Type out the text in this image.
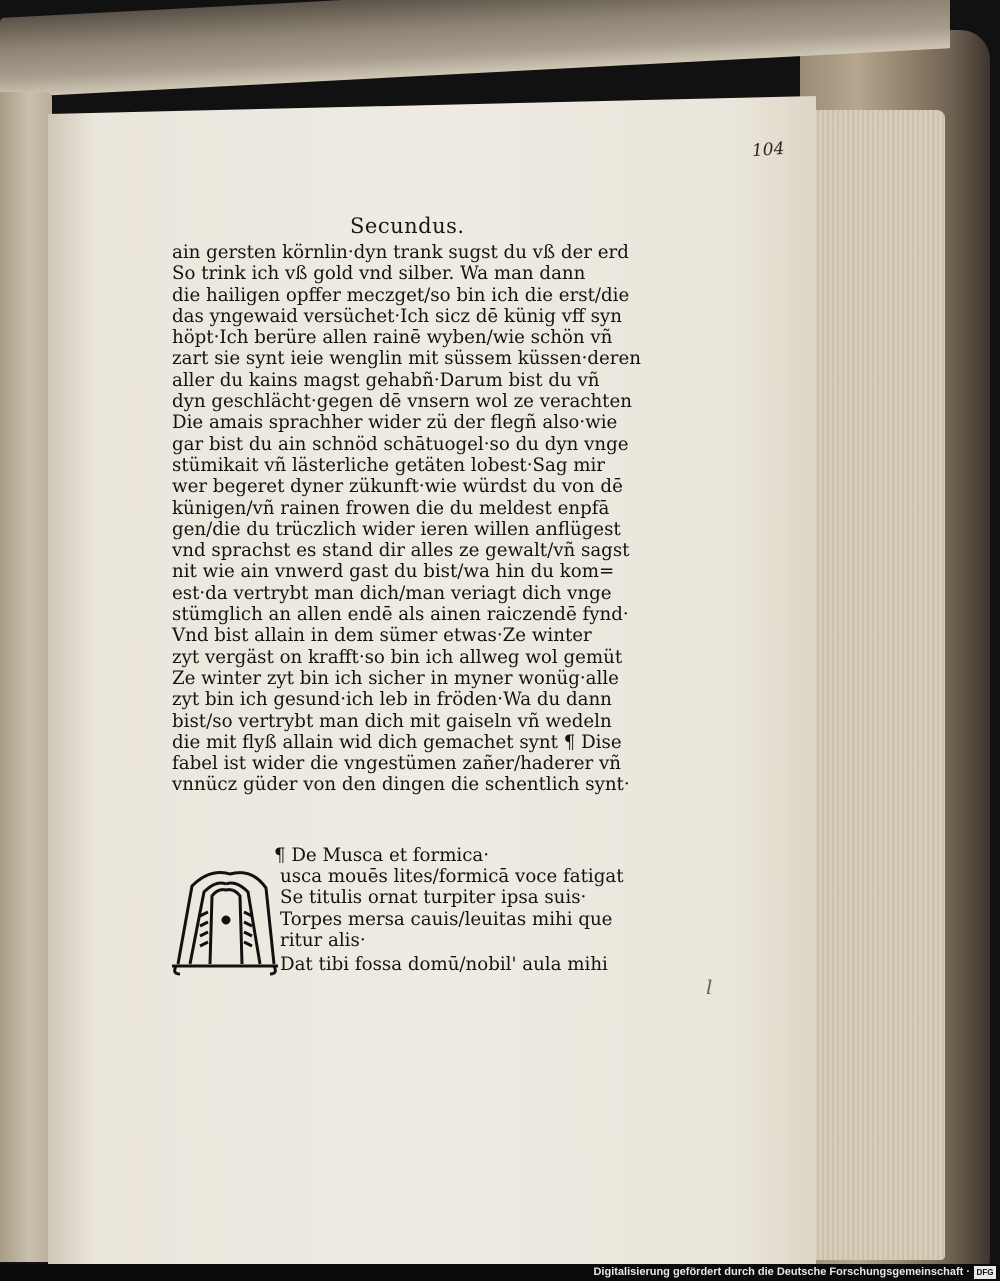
104
Secundus.
ain gersten körnlin·dyn trank sugst du vß der erd
So trink ich vß gold vnd silber. Wa man dann
die hailigen opffer meczget/so bin ich die erst/die
das yngewaid versüchet·Ich sicz dē künig vff syn
höpt·Ich berüre allen rainē wyben/wie schön vñ
zart sie synt ieie wenglin mit süssem küssen·deren
aller du kains magst gehabñ·Darum bist du vñ
dyn geschlächt·gegen dē vnsern wol ze verachten
Die amais sprachher wider zü der flegñ also·wie
gar bist du ain schnöd schātuogel·so du dyn vnge
stümikait vñ lästerliche getäten lobest·Sag mir
wer begeret dyner zükunft·wie würdst du von dē
künigen/vñ rainen frowen die du meldest enpfā
gen/die du trüczlich wider ieren willen anflügest
vnd sprachst es stand dir alles ze gewalt/vñ sagst
nit wie ain vnwerd gast du bist/wa hin du kom=
est·da vertrybt man dich/man veriagt dich vnge
stümglich an allen endē als ainen raiczendē fynd·
Vnd bist allain in dem sümer etwas·Ze winter
zyt vergäst on krafft·so bin ich allweg wol gemüt
Ze winter zyt bin ich sicher in myner wonüg·alle
zyt bin ich gesund·ich leb in fröden·Wa du dann
bist/so vertrybt man dich mit gaiseln vñ wedeln
die mit flyß allain wid dich gemachet synt ¶ Dise
fabel ist wider die vngestümen zañer/haderer vñ
vnnücz güder von den dingen die schentlich synt·
¶ De Musca et formica·
usca mouēs lites/formicā voce fatigat
Se titulis ornat turpiter ipsa suis·
Torpes mersa cauis/leuitas mihi que
ritur alis·
Dat tibi fossa domū/nobil' aula mihi
l
Digitalisierung gefördert durch die Deutsche Forschungsgemeinschaft · DFG
